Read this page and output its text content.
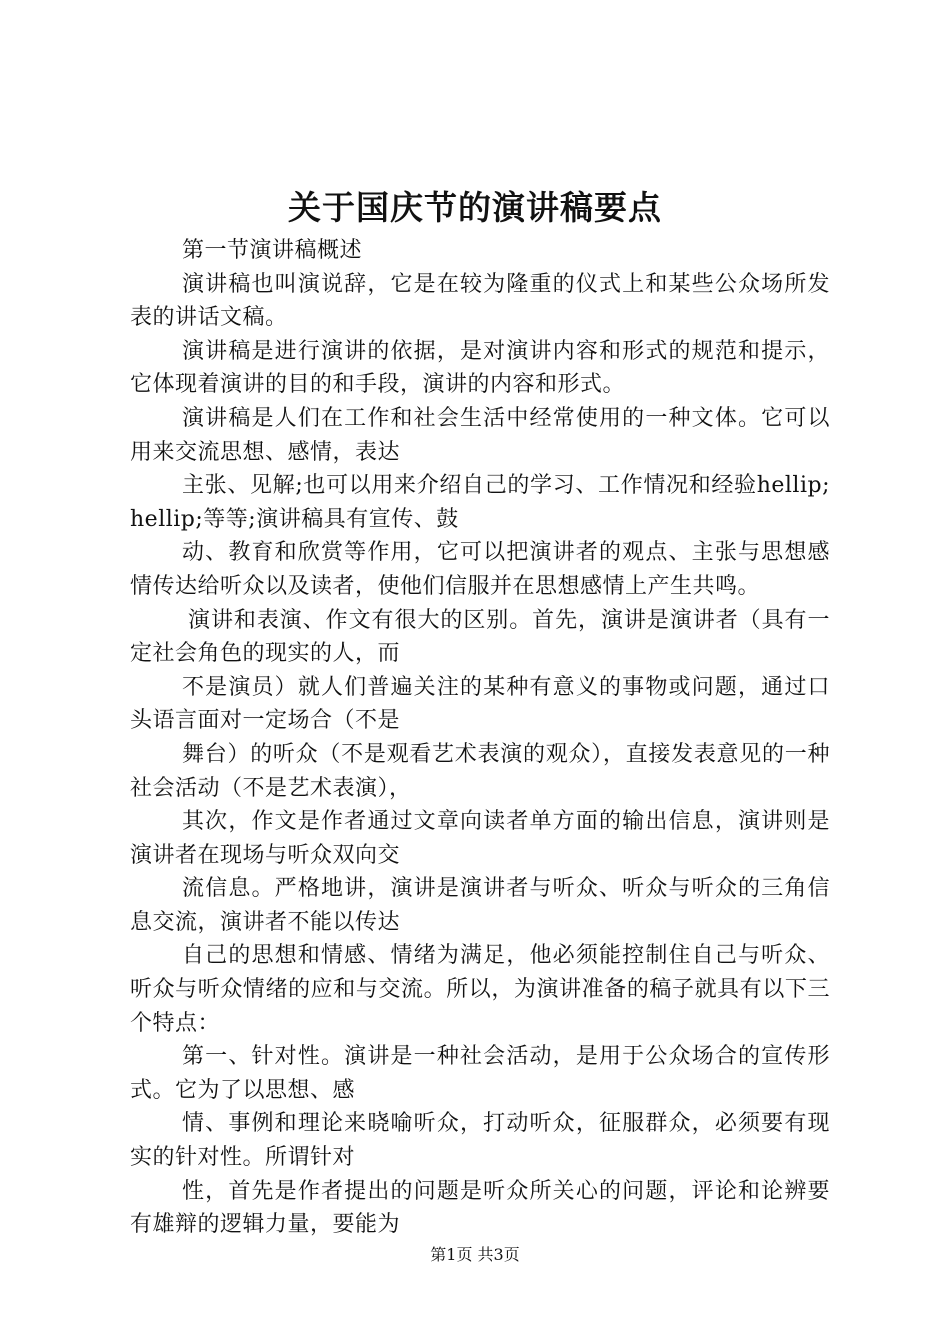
关于国庆节的演讲稿要点

第一节演讲稿概述

演讲稿也叫演说辞，它是在较为隆重的仪式上和某些公众场所发表的讲话文稿。

演讲稿是进行演讲的依据，是对演讲内容和形式的规范和提示，它体现着演讲的目的和手段，演讲的内容和形式。

演讲稿是人们在工作和社会生活中经常使用的一种文体。它可以用来交流思想、感情，表达

主张、见解;也可以用来介绍自己的学习、工作情况和经验hellip;hellip;等等;演讲稿具有宣传、鼓

动、教育和欣赏等作用，它可以把演讲者的观点、主张与思想感情传达给听众以及读者，使他们信服并在思想感情上产生共鸣。

演讲和表演、作文有很大的区别。首先，演讲是演讲者（具有一定社会角色的现实的人，而

不是演员）就人们普遍关注的某种有意义的事物或问题，通过口头语言面对一定场合（不是

舞台）的听众（不是观看艺术表演的观众），直接发表意见的一种社会活动（不是艺术表演），

其次，作文是作者通过文章向读者单方面的输出信息，演讲则是演讲者在现场与听众双向交

流信息。严格地讲，演讲是演讲者与听众、听众与听众的三角信息交流，演讲者不能以传达

自己的思想和情感、情绪为满足，他必须能控制住自己与听众、听众与听众情绪的应和与交流。所以，为演讲准备的稿子就具有以下三个特点：

第一、针对性。演讲是一种社会活动，是用于公众场合的宣传形式。它为了以思想、感

情、事例和理论来晓喻听众，打动听众，征服群众，必须要有现实的针对性。所谓针对

性，首先是作者提出的问题是听众所关心的问题，评论和论辨要有雄辩的逻辑力量，要能为

第1页 共3页
